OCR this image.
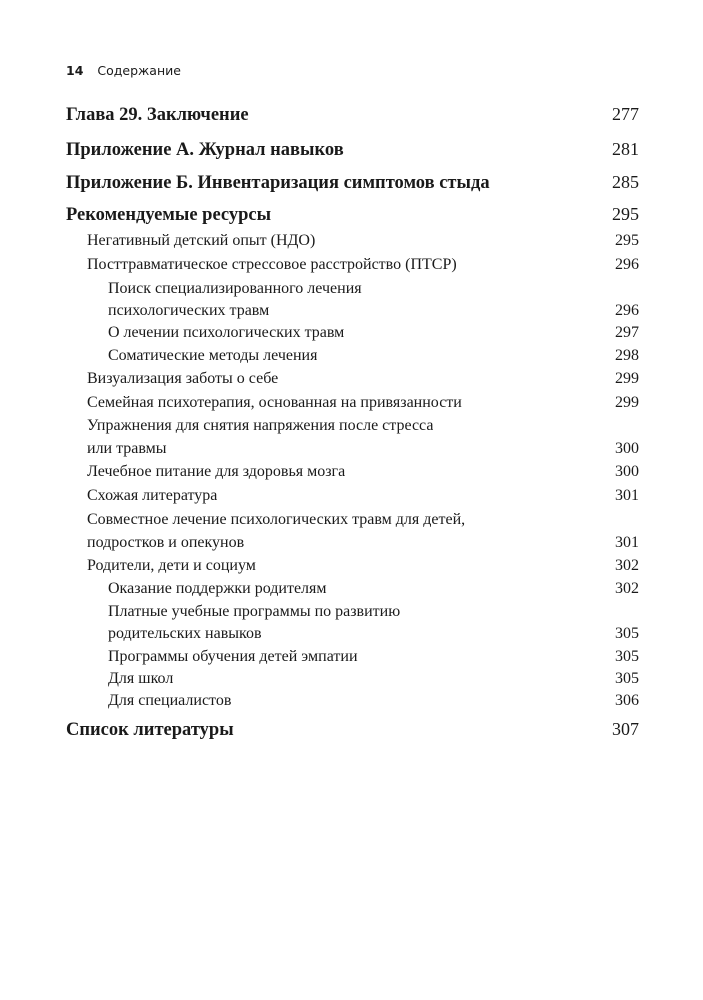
14 Содержание
Глава 29. Заключение	277
Приложение А. Журнал навыков	281
Приложение Б. Инвентаризация симптомов стыда	285
Рекомендуемые ресурсы	295
Негативный детский опыт (НДО)	295
Посттравматическое стрессовое расстройство (ПТСР)	296
Поиск специализированного лечения
психологических травм	296
О лечении психологических травм	297
Соматические методы лечения	298
Визуализация заботы о себе	299
Семейная психотерапия, основанная на привязанности	299
Упражнения для снятия напряжения после стресса
или травмы	300
Лечебное питание для здоровья мозга	300
Схожая литература	301
Совместное лечение психологических травм для детей,
подростков и опекунов	301
Родители, дети и социум	302
Оказание поддержки родителям	302
Платные учебные программы по развитию
родительских навыков	305
Программы обучения детей эмпатии	305
Для школ	305
Для специалистов	306
Список литературы	307
